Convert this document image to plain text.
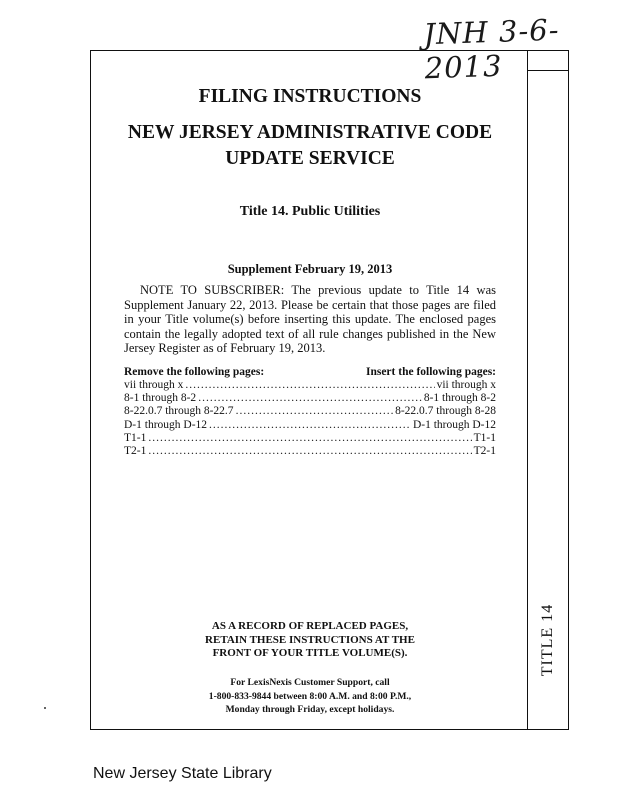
JNH 3-6-2013
TITLE 14
FILING INSTRUCTIONS
NEW JERSEY ADMINISTRATIVE CODE
UPDATE SERVICE
Title 14. Public Utilities
Supplement February 19, 2013
NOTE TO SUBSCRIBER: The previous update to Title 14 was Supplement January 22, 2013. Please be certain that those pages are filed in your Title volume(s) before inserting this update. The enclosed pages contain the legally adopted text of all rule changes published in the New Jersey Register as of February 19, 2013.
Remove the following pages:	Insert the following pages:
vii through x .....	vii through x
8-1 through 8-2 .....	8-1 through 8-2
8-22.0.7 through 8-22.7 .....	8-22.0.7 through 8-28
D-1 through D-12 .....	D-1 through D-12
T1-1 .....	T1-1
T2-1 .....	T2-1
AS A RECORD OF REPLACED PAGES,
RETAIN THESE INSTRUCTIONS AT THE
FRONT OF YOUR TITLE VOLUME(S).
For LexisNexis Customer Support, call
1-800-833-9844 between 8:00 A.M. and 8:00 P.M.,
Monday through Friday, except holidays.
New Jersey State Library
